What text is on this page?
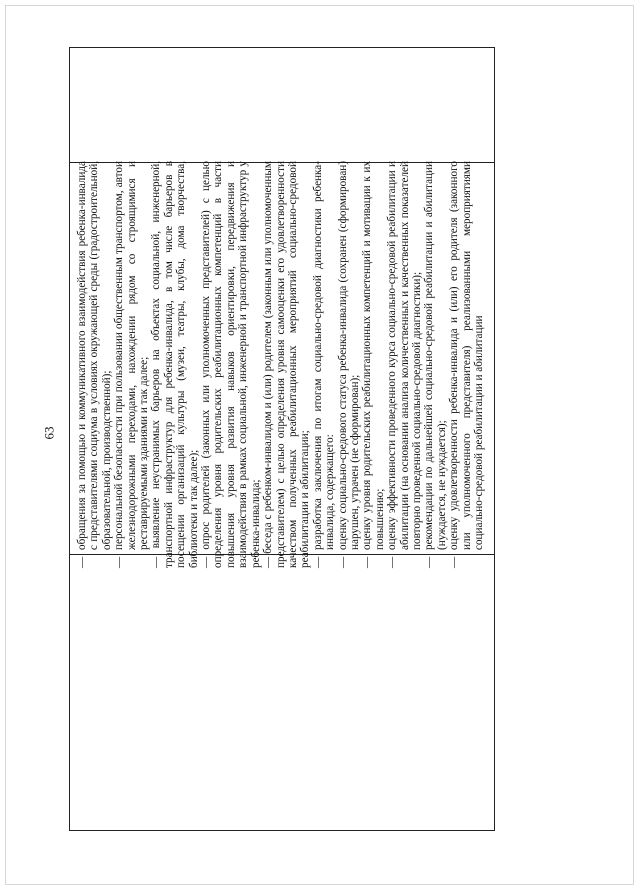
63
—обращения за помощью и коммуникативного взаимодействия ребенка-инвалида с представителями социума в условиях окружающей среды (градостроительной, образовательной, производственной);
—персональной безопасности при пользовании общественным транспортом, автои железнодорожными переходами, нахождении рядом со строящимися и реставрируемыми зданиями и так далее;
— выявление неустранимых барьеров на объектах социальной, инженерной, транспортной инфраструктур для ребенка-инвалида, в том числе барьеров в посещении организаций культуры (музеи, театры, клубы, дома творчества, библиотеки и так далее); — опрос родителей (законных или уполномоченных представителей) с целью определения уровня родительских реабилитационных компетенций в части повышения уровня развития навыков ориентировки, передвижения и взаимодействия в рамках социальной, инженерной и транспортной инфраструктур у ребенка-инвалида; — беседа с ребенком-инвалидом и (или) родителем (законным или уполномоченным представителем) с целью определения уровня самооценки его удовлетворенности качеством полученных реабилитационных мероприятий социально-средовой реабилитации и абилитации; —разработка заключения по итогам социально-средовой диагностики ребенка-инвалида, содержащего:
—оценку социально-средового статуса ребенка-инвалида (сохранен (сформирован) нарушен, утрачен (не сформирован);
—оценку уровня родительских реабилитационных компетенций и мотивации к их повышению;
—оценку эффективности проведенного курса социально-средовой реабилитации и абилитации (на основании анализа количественных и качественных показателей повторно проведенной социально-средовой диагностики);
—рекомендации по дальнейшей социально-средовой реабилитации и абилитации (нуждается, не нуждается);
—оценку удовлетворенности ребенка-инвалида и (или) его родителя (законного или уполномоченного представителя) реализованными мероприятиями социально-средовой реабилитации и абилитации
